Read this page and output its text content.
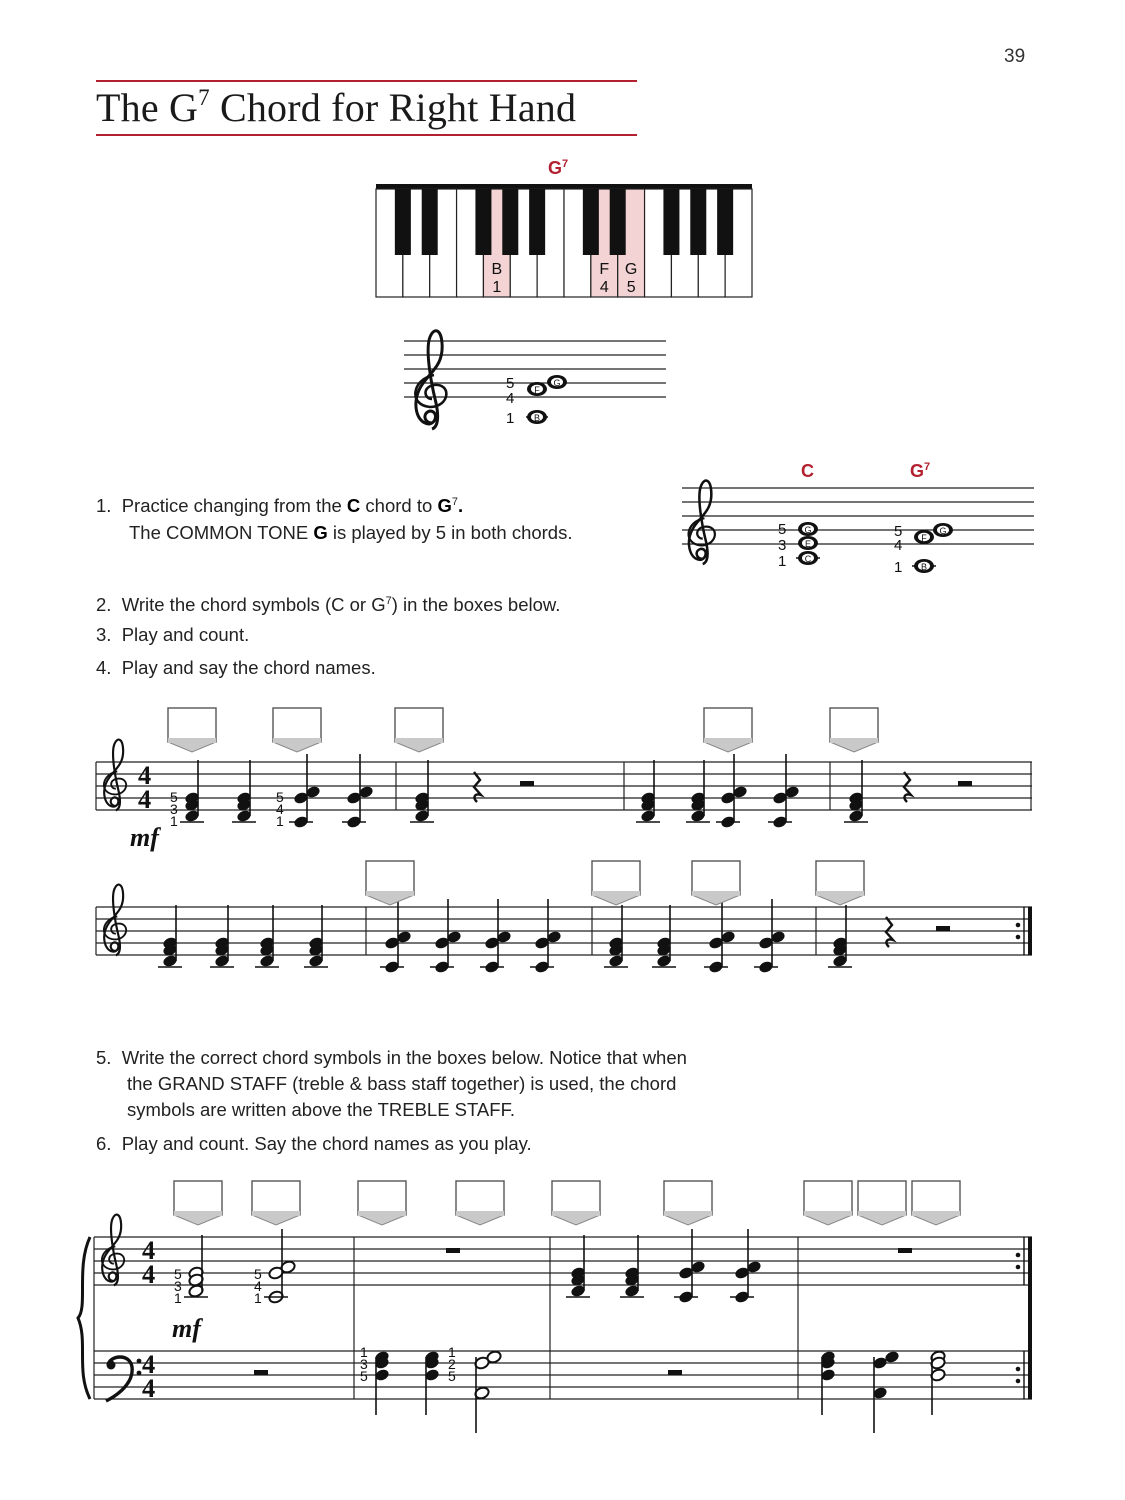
39
The $G^7$ Chord for Right Hand
$G^7$
M
I
D
D
L
E
B
1
F
4
G
5
5
4
1
G
F
B
1. Practice changing from the C chord to $G^7$.
The COMMON TONE G is played by 5 in both chords.
C	$G^7$
5
3
1
G
E
C
5
4
1
G
F
B
2. Write the chord symbols (C or $G^7$) in the boxes below.
3. Play and count.
4. Play and say the chord names.
4
4
mf
5
3
1
5
4
1
5. Write the correct chord symbols in the boxes below. Notice that when
the GRAND STAFF (treble & bass staff together) is used, the chord
symbols are written above the TREBLE STAFF.
6. Play and count. Say the chord names as you play.
4
4
4
4
mf
5
3
1
5
4
1
1
3
5
1
2
5
